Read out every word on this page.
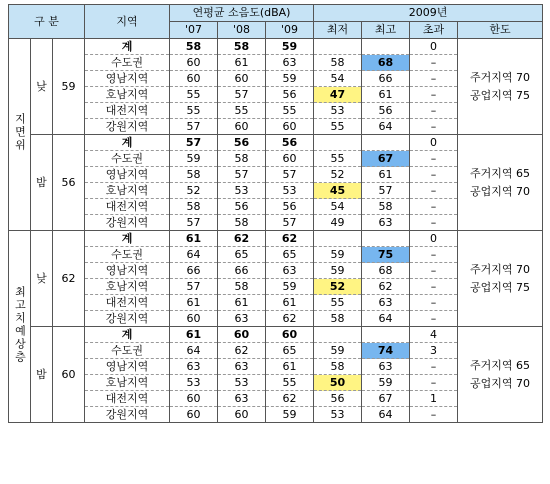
구 분			지역	연평균 소음도(dBA)			2009년			
				'07	'08	'09	최저	최고	초과	한도
지면위	낮	59	계	58	58	59			0	주거지역 70
공업지역 75

			수도권	60	61	63	58	68	–	
			영남지역	60	60	59	54	66	–	
			호남지역	55	57	56	47	61	–	
			대전지역	55	55	55	53	56	–	
			강원지역	57	60	60	55	64	–	
	밤	56	계	57	56	56			0	주거지역 65
공업지역 70

			수도권	59	58	60	55	67	–	
			영남지역	58	57	57	52	61	–	
			호남지역	52	53	53	45	57	–	
			대전지역	58	56	56	54	58	–	
			강원지역	57	58	57	49	63	–	
최고치예상층	낮	62	계	61	62	62			0	주거지역 70
공업지역 75

			수도권	64	65	65	59	75	–	
			영남지역	66	66	63	59	68	–	
			호남지역	57	58	59	52	62	–	
			대전지역	61	61	61	55	63	–	
			강원지역	60	63	62	58	64	–	
	밤	60	계	61	60	60			4	주거지역 65
공업지역 70

			수도권	64	62	65	59	74	3	
			영남지역	63	63	61	58	63	–	
			호남지역	53	53	55	50	59	–	
			대전지역	60	63	62	56	67	1	
			강원지역	60	60	59	53	64	–	
